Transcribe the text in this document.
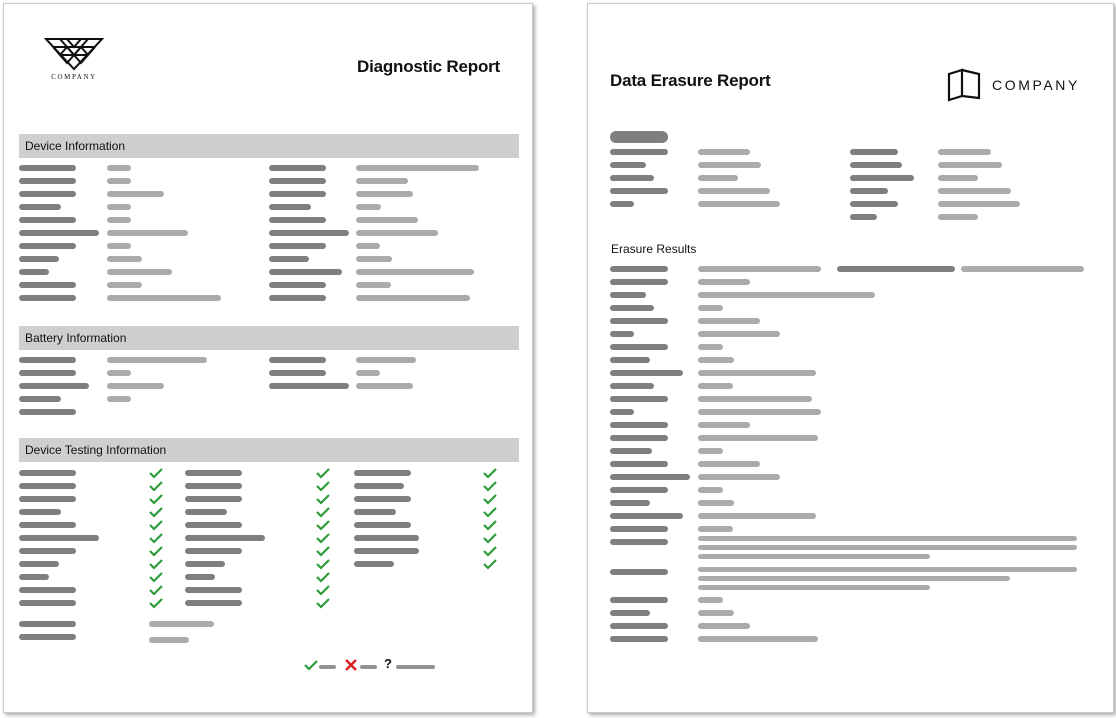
COMPANY
Diagnostic Report
Device Information
Battery Information
Device Testing Information
?
Data Erasure Report	COMPANY
Erasure Results
